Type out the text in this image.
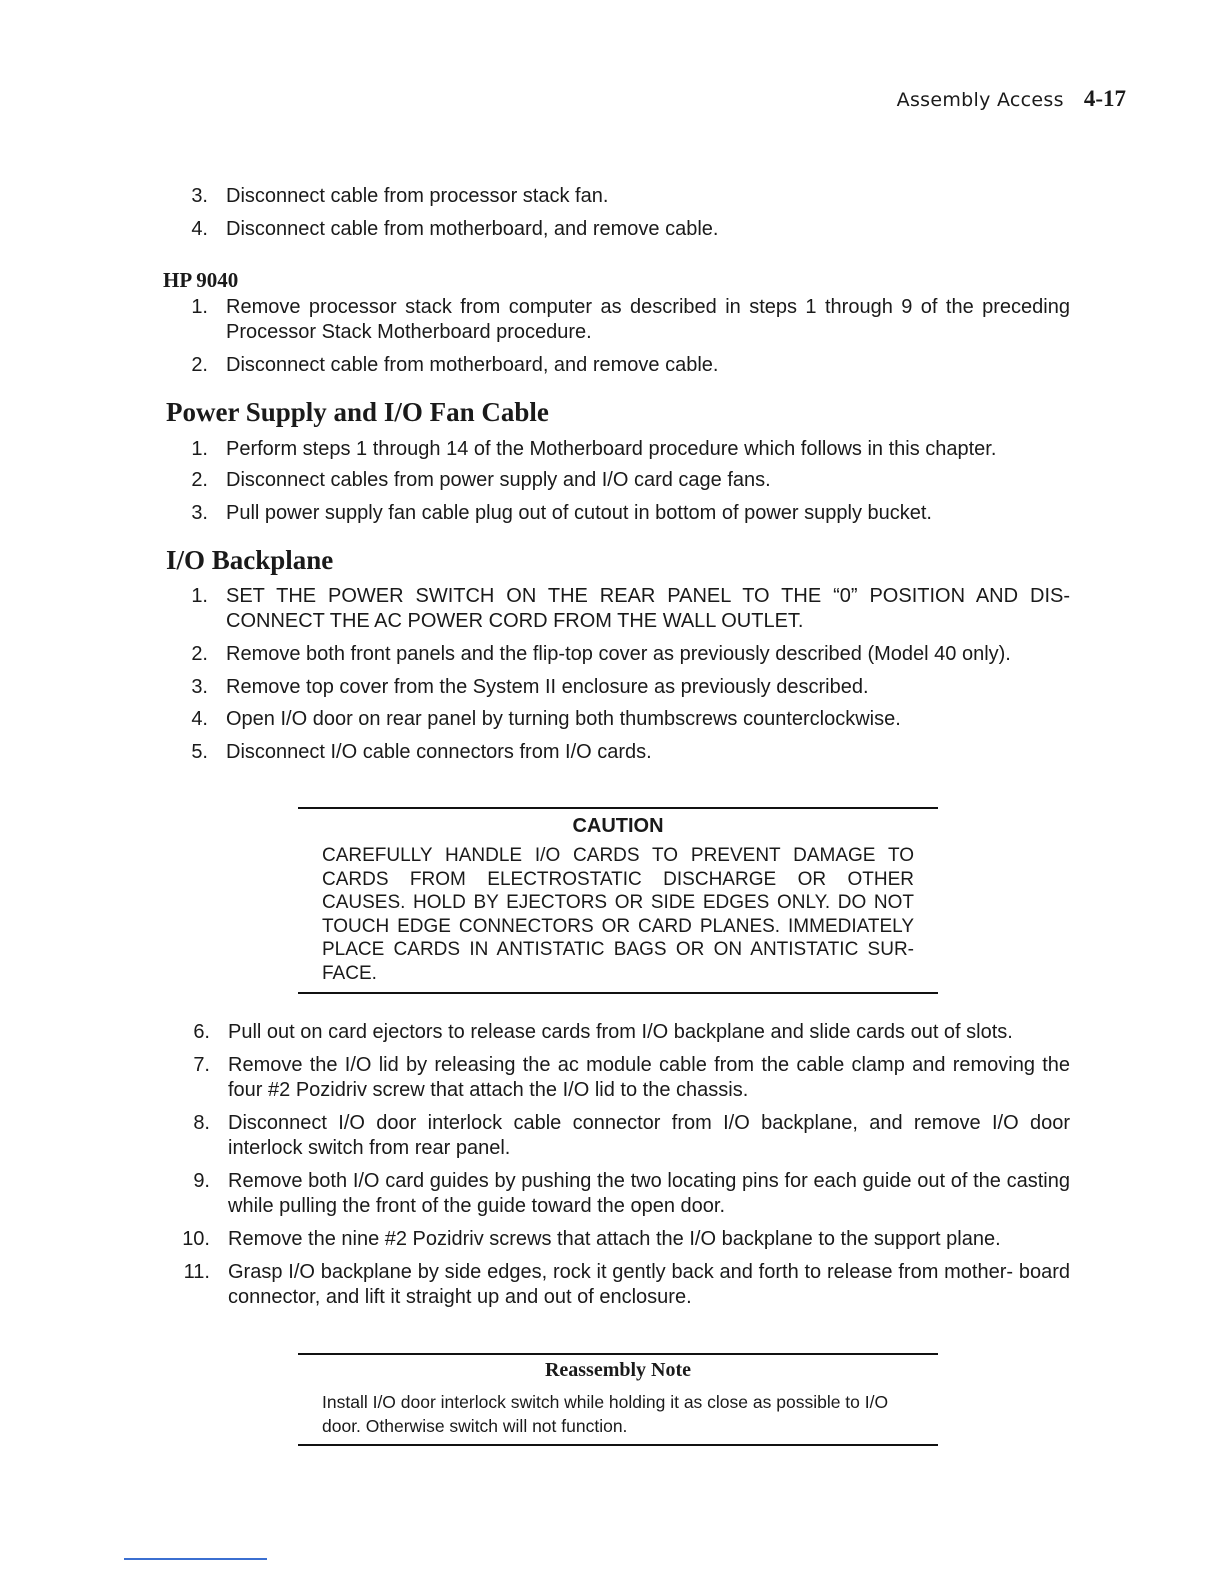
Assembly Access 4-17
3. Disconnect cable from processor stack fan.
4. Disconnect cable from motherboard, and remove cable.
HP 9040
1. Remove processor stack from computer as described in steps 1 through 9 of the preceding Processor Stack Motherboard procedure.
2. Disconnect cable from motherboard, and remove cable.
Power Supply and I/O Fan Cable
1. Perform steps 1 through 14 of the Motherboard procedure which follows in this chapter.
2. Disconnect cables from power supply and I/O card cage fans.
3. Pull power supply fan cable plug out of cutout in bottom of power supply bucket.
I/O Backplane
1. SET THE POWER SWITCH ON THE REAR PANEL TO THE “0” POSITION AND DIS- CONNECT THE AC POWER CORD FROM THE WALL OUTLET.
2. Remove both front panels and the flip-top cover as previously described (Model 40 only).
3. Remove top cover from the System II enclosure as previously described.
4. Open I/O door on rear panel by turning both thumbscrews counterclockwise.
5. Disconnect I/O cable connectors from I/O cards.
CAUTION
CAREFULLY HANDLE I/O CARDS TO PREVENT DAMAGE TO CARDS FROM ELECTROSTATIC DISCHARGE OR OTHER CAUSES. HOLD BY EJECTORS OR SIDE EDGES ONLY. DO NOT TOUCH EDGE CONNECTORS OR CARD PLANES. IMMEDIATELY PLACE CARDS IN ANTISTATIC BAGS OR ON ANTISTATIC SUR- FACE.
6. Pull out on card ejectors to release cards from I/O backplane and slide cards out of slots.
7. Remove the I/O lid by releasing the ac module cable from the cable clamp and removing the four #2 Pozidriv screw that attach the I/O lid to the chassis.
8. Disconnect I/O door interlock cable connector from I/O backplane, and remove I/O door interlock switch from rear panel.
9. Remove both I/O card guides by pushing the two locating pins for each guide out of the casting while pulling the front of the guide toward the open door.
10. Remove the nine #2 Pozidriv screws that attach the I/O backplane to the support plane.
11. Grasp I/O backplane by side edges, rock it gently back and forth to release from mother- board connector, and lift it straight up and out of enclosure.
Reassembly Note
Install I/O door interlock switch while holding it as close as possible to I/O door. Otherwise switch will not function.
